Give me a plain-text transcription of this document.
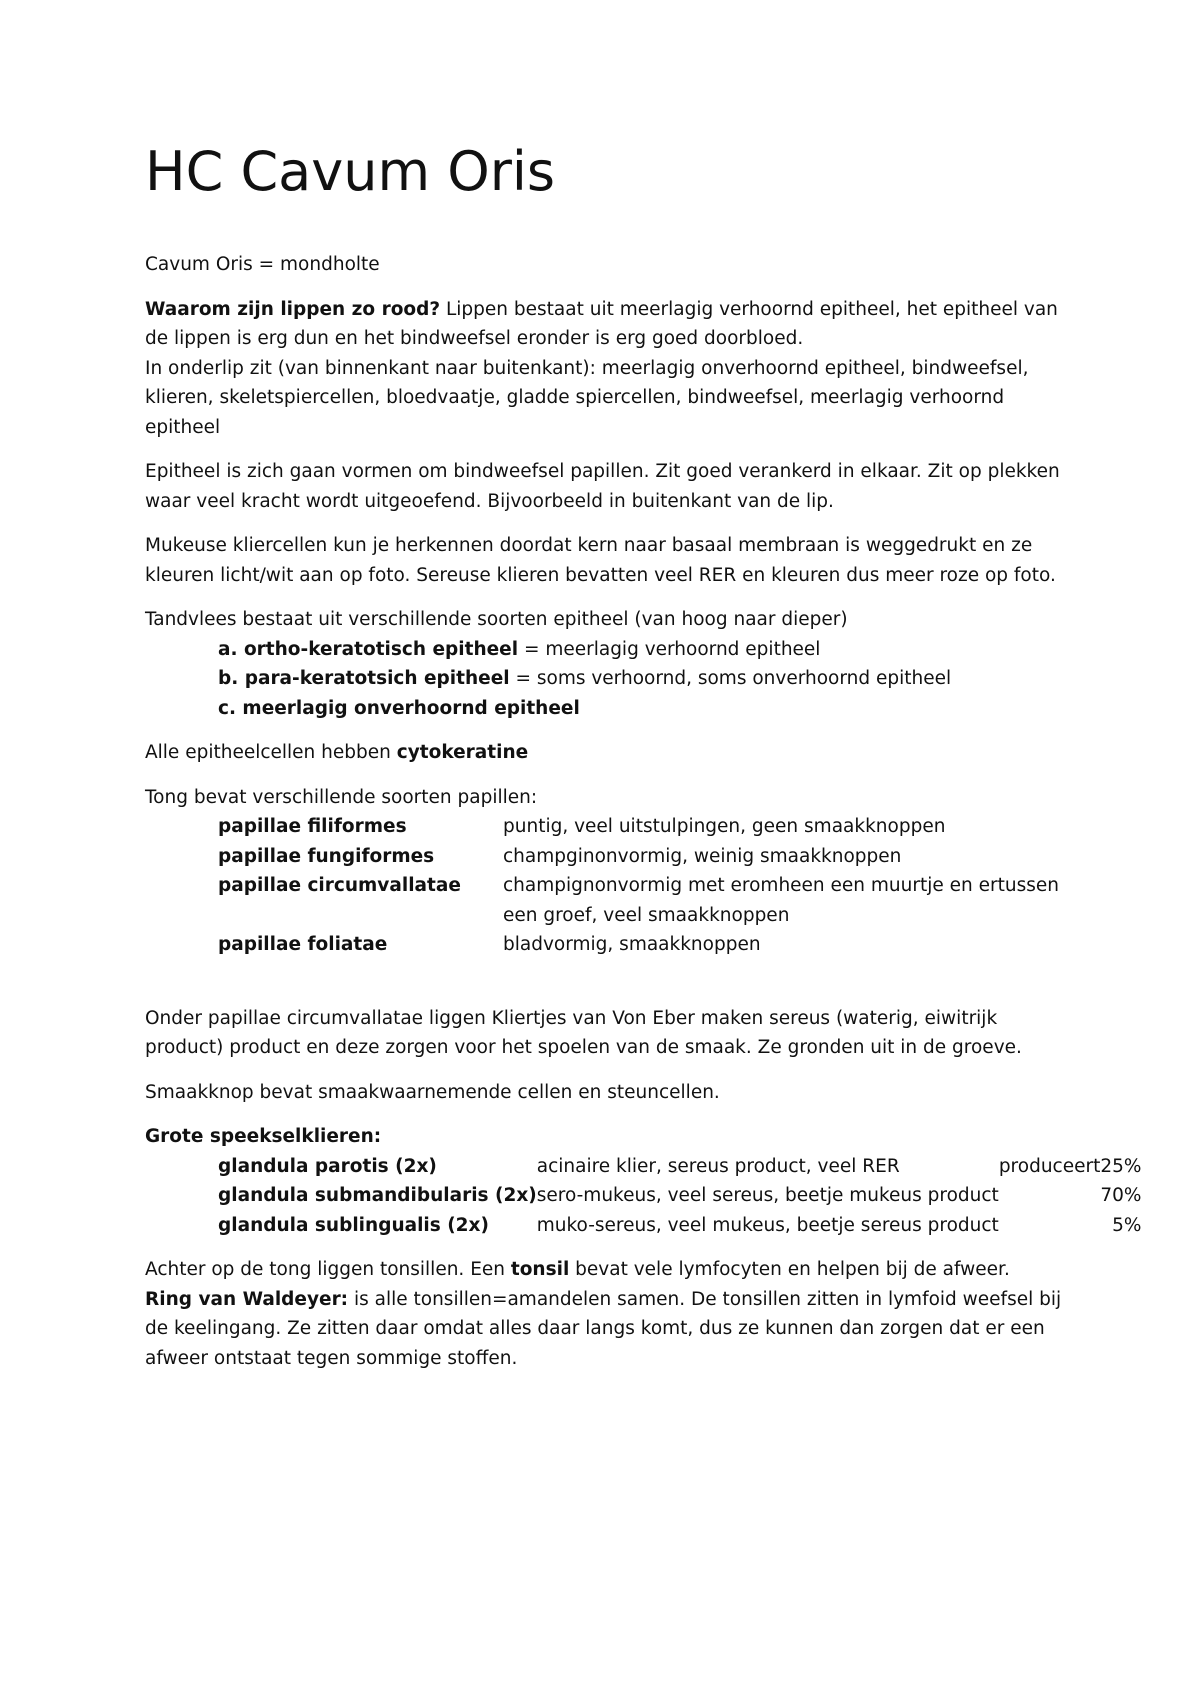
HC Cavum Oris

Cavum Oris = mondholte

Waarom zijn lippen zo rood? Lippen bestaat uit meerlagig verhoornd epitheel, het epitheel van de lippen is erg dun en het bindweefsel eronder is erg goed doorbloed.

In onderlip zit (van binnenkant naar buitenkant): meerlagig onverhoornd epitheel, bindweefsel, klieren, skeletspiercellen, bloedvaatje, gladde spiercellen, bindweefsel, meerlagig verhoornd epitheel

Epitheel is zich gaan vormen om bindweefsel papillen. Zit goed verankerd in elkaar. Zit op plekken waar veel kracht wordt uitgeoefend. Bijvoorbeeld in buitenkant van de lip.

Mukeuse kliercellen kun je herkennen doordat kern naar basaal membraan is weggedrukt en ze kleuren licht/wit aan op foto. Sereuse klieren bevatten veel RER en kleuren dus meer roze op foto.

Tandvlees bestaat uit verschillende soorten epitheel (van hoog naar dieper)
a. ortho-keratotisch epitheel = meerlagig verhoornd epitheel
b. para-keratotsich epitheel = soms verhoornd, soms onverhoornd epitheel
c. meerlagig onverhoornd epitheel

Alle epitheelcellen hebben cytokeratine

Tong bevat verschillende soorten papillen:
papillae filiformes	puntig, veel uitstulpingen, geen smaakknoppen
papillae fungiformes	champginonvormig, weinig smaakknoppen
papillae circumvallatae	champignonvormig met eromheen een muurtje en ertussen een groef, veel smaakknoppen
papillae foliatae	bladvormig, smaakknoppen

Onder papillae circumvallatae liggen Kliertjes van Von Eber maken sereus (waterig, eiwitrijk product) product en deze zorgen voor het spoelen van de smaak. Ze gronden uit in de groeve.

Smaakknop bevat smaakwaarnemende cellen en steuncellen.

Grote speekselklieren:
glandula parotis (2x)	acinaire klier, sereus product, veel RER	produceert	25%
glandula submandibularis (2x)	sero-mukeus, veel sereus, beetje mukeus product		70%
glandula sublingualis (2x)	muko-sereus, veel mukeus, beetje sereus product		5%

Achter op de tong liggen tonsillen. Een tonsil bevat vele lymfocyten en helpen bij de afweer.

Ring van Waldeyer: is alle tonsillen=amandelen samen. De tonsillen zitten in lymfoid weefsel bij de keelingang. Ze zitten daar omdat alles daar langs komt, dus ze kunnen dan zorgen dat er een afweer ontstaat tegen sommige stoffen.
